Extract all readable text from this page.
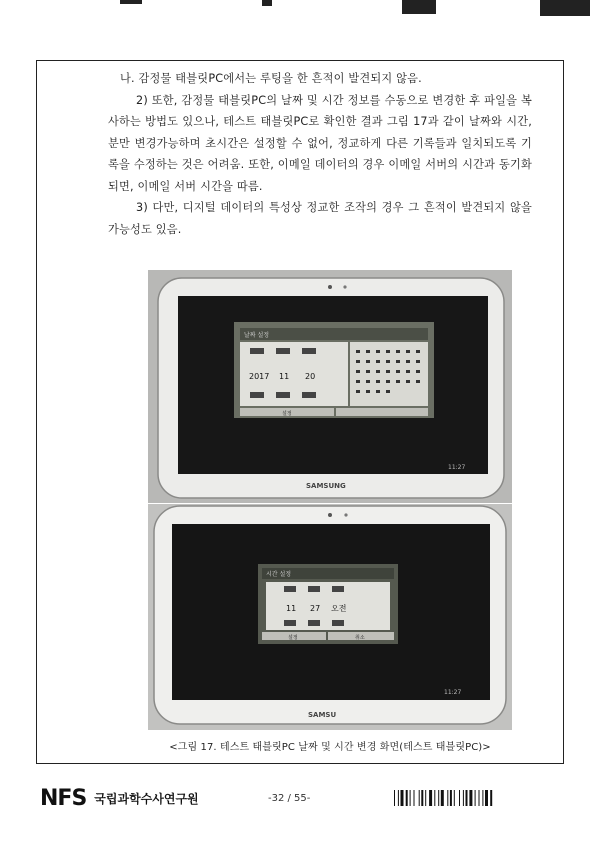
나. 감정물 태블릿PC에서는 루팅을 한 흔적이 발견되지 않음.

2) 또한, 감정물 태블릿PC의 날짜 및 시간 정보를 수동으로 변경한 후 파일을 복사하는 방법도 있으나, 테스트 태블릿PC로 확인한 결과 그림 17과 같이 날짜와 시간, 분만 변경가능하며 초시간은 설정할 수 없어, 정교하게 다른 기록들과 일치되도록 기록을 수정하는 것은 어려움. 또한, 이메일 데이터의 경우 이메일 서버의 시간과 동기화되면, 이메일 서버 시간을 따름.

3) 다만, 디지털 데이터의 특성상 정교한 조작의 경우 그 흔적이 발견되지 않을 가능성도 있음.

날짜 설정
2017 11 20
설정
11:27
SAMSUNG
시간 설정
11 27 오전
설정	취소
11:27
SAMSU
<그림 17. 테스트 태블릿PC 날짜 및 시간 변경 화면(테스트 태블릿PC)>
NFS 국립과학수사연구원	-32 / 55-
